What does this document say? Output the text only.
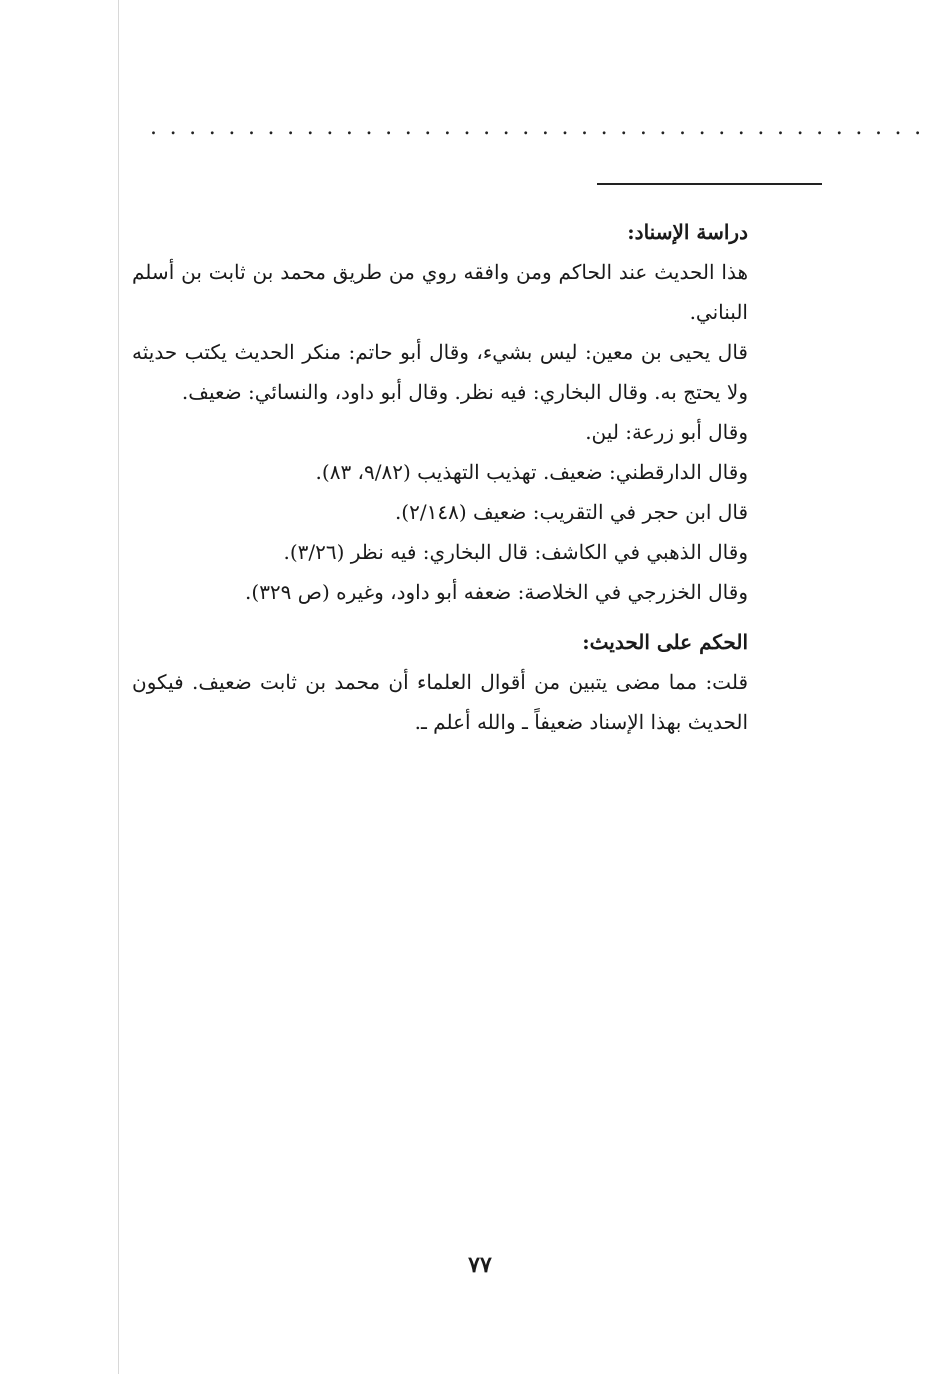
........................................
دراسة الإسناد:

هذا الحديث عند الحاكم ومن وافقه روي من طريق محمد بن ثابت بن أسلم البناني.

قال يحيى بن معين: ليس بشيء، وقال أبو حاتم: منكر الحديث يكتب حديثه ولا يحتج به. وقال البخاري: فيه نظر. وقال أبو داود، والنسائي: ضعيف.

وقال أبو زرعة: لين.

وقال الدارقطني: ضعيف. تهذيب التهذيب (٩/٨٢، ٨٣).

قال ابن حجر في التقريب: ضعيف (٢/١٤٨).

وقال الذهبي في الكاشف: قال البخاري: فيه نظر (٣/٢٦).

وقال الخزرجي في الخلاصة: ضعفه أبو داود، وغيره (ص ٣٢٩).

الحكم على الحديث:

قلت: مما مضى يتبين من أقوال العلماء أن محمد بن ثابت ضعيف. فيكون الحديث بهذا الإسناد ضعيفاً ـ والله أعلم ـ.

٧٧
